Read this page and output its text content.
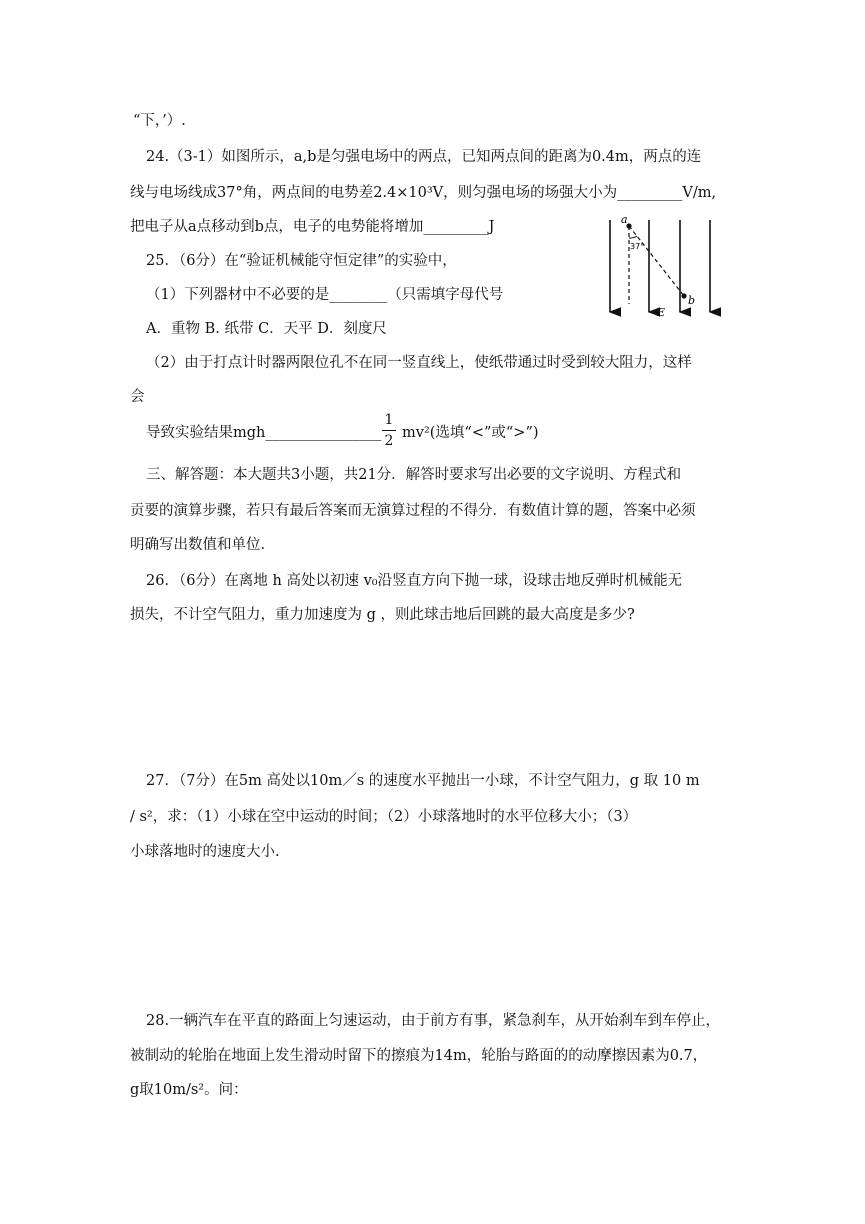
“下，’）.
24.（3-1）如图所示，a,b是匀强电场中的两点，已知两点间的距离为0.4m，两点的连
线与电场线成37°角，两点间的电势差2.4×10³V，则匀强电场的场强大小为_________V/m,
把电子从a点移动到b点，电子的电势能将增加_________J	a
37°
b
E
25．（6分）在“验证机械能守恒定律”的实验中，
（1）下列器材中不必要的是________（只需填字母代号
A．重物 B. 纸带 C．天平 D．刻度尺
（2）由于打点计时器两限位孔不在同一竖直线上，使纸带通过时受到较大阻力，这样
会
导致实验结果mgh________________
1
2 mv²(选填“<”或“>”)
三、解答题：本大题共3小题，共21分．解答时要求写出必要的文字说明、方程式和
贡要的演算步骤，若只有最后答案而无演算过程的不得分．有数值计算的题，答案中必须
明确写出数值和单位.
26．（6分）在离地 h 高处以初速 v₀沿竖直方向下抛一球，设球击地反弹时机械能无
损失，不计空气阻力，重力加速度为 g ，则此球击地后回跳的最大高度是多少?
27．（7分）在5m 高处以10m／s 的速度水平抛出一小球，不计空气阻力，g 取 10 m
/ s²，求：（1）小球在空中运动的时间；（2）小球落地时的水平位移大小；（3）
小球落地时的速度大小.
28.一辆汽车在平直的路面上匀速运动，由于前方有事，紧急刹车，从开始刹车到车停止，
被制动的轮胎在地面上发生滑动时留下的擦痕为14m，轮胎与路面的的动摩擦因素为0.7，
g取10m/s²。问：
